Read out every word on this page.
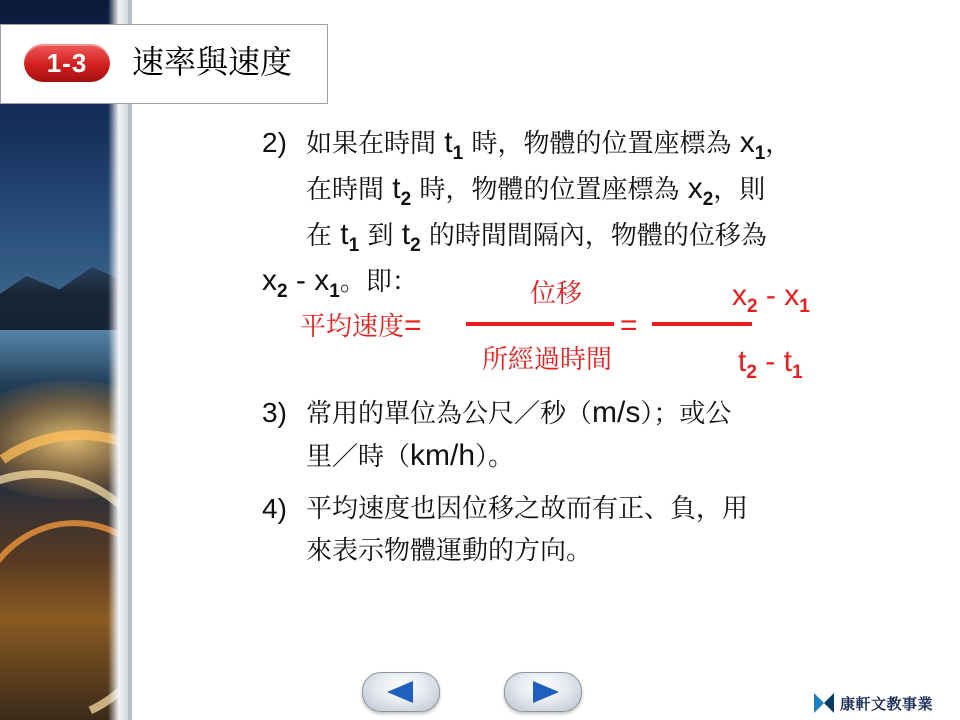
1-3	速率與速度
2) 如果在時間 $t_1$ 時，物體的位置座標為 $x_1$，
在時間 $t_2$ 時，物體的位置座標為 $x_2$，則
在 $t_1$ 到 $t_2$ 的時間間隔內，物體的位移為
$x_2 - x_1$。即：
平均速度=
位移
所經過時間
=
$x_2 - x_1$
$t_2 - t_1$
3) 常用的單位為公尺／秒（m/s）；或公
里／時（km/h）。
4) 平均速度也因位移之故而有正、負，用
來表示物體運動的方向。
康軒文教事業
